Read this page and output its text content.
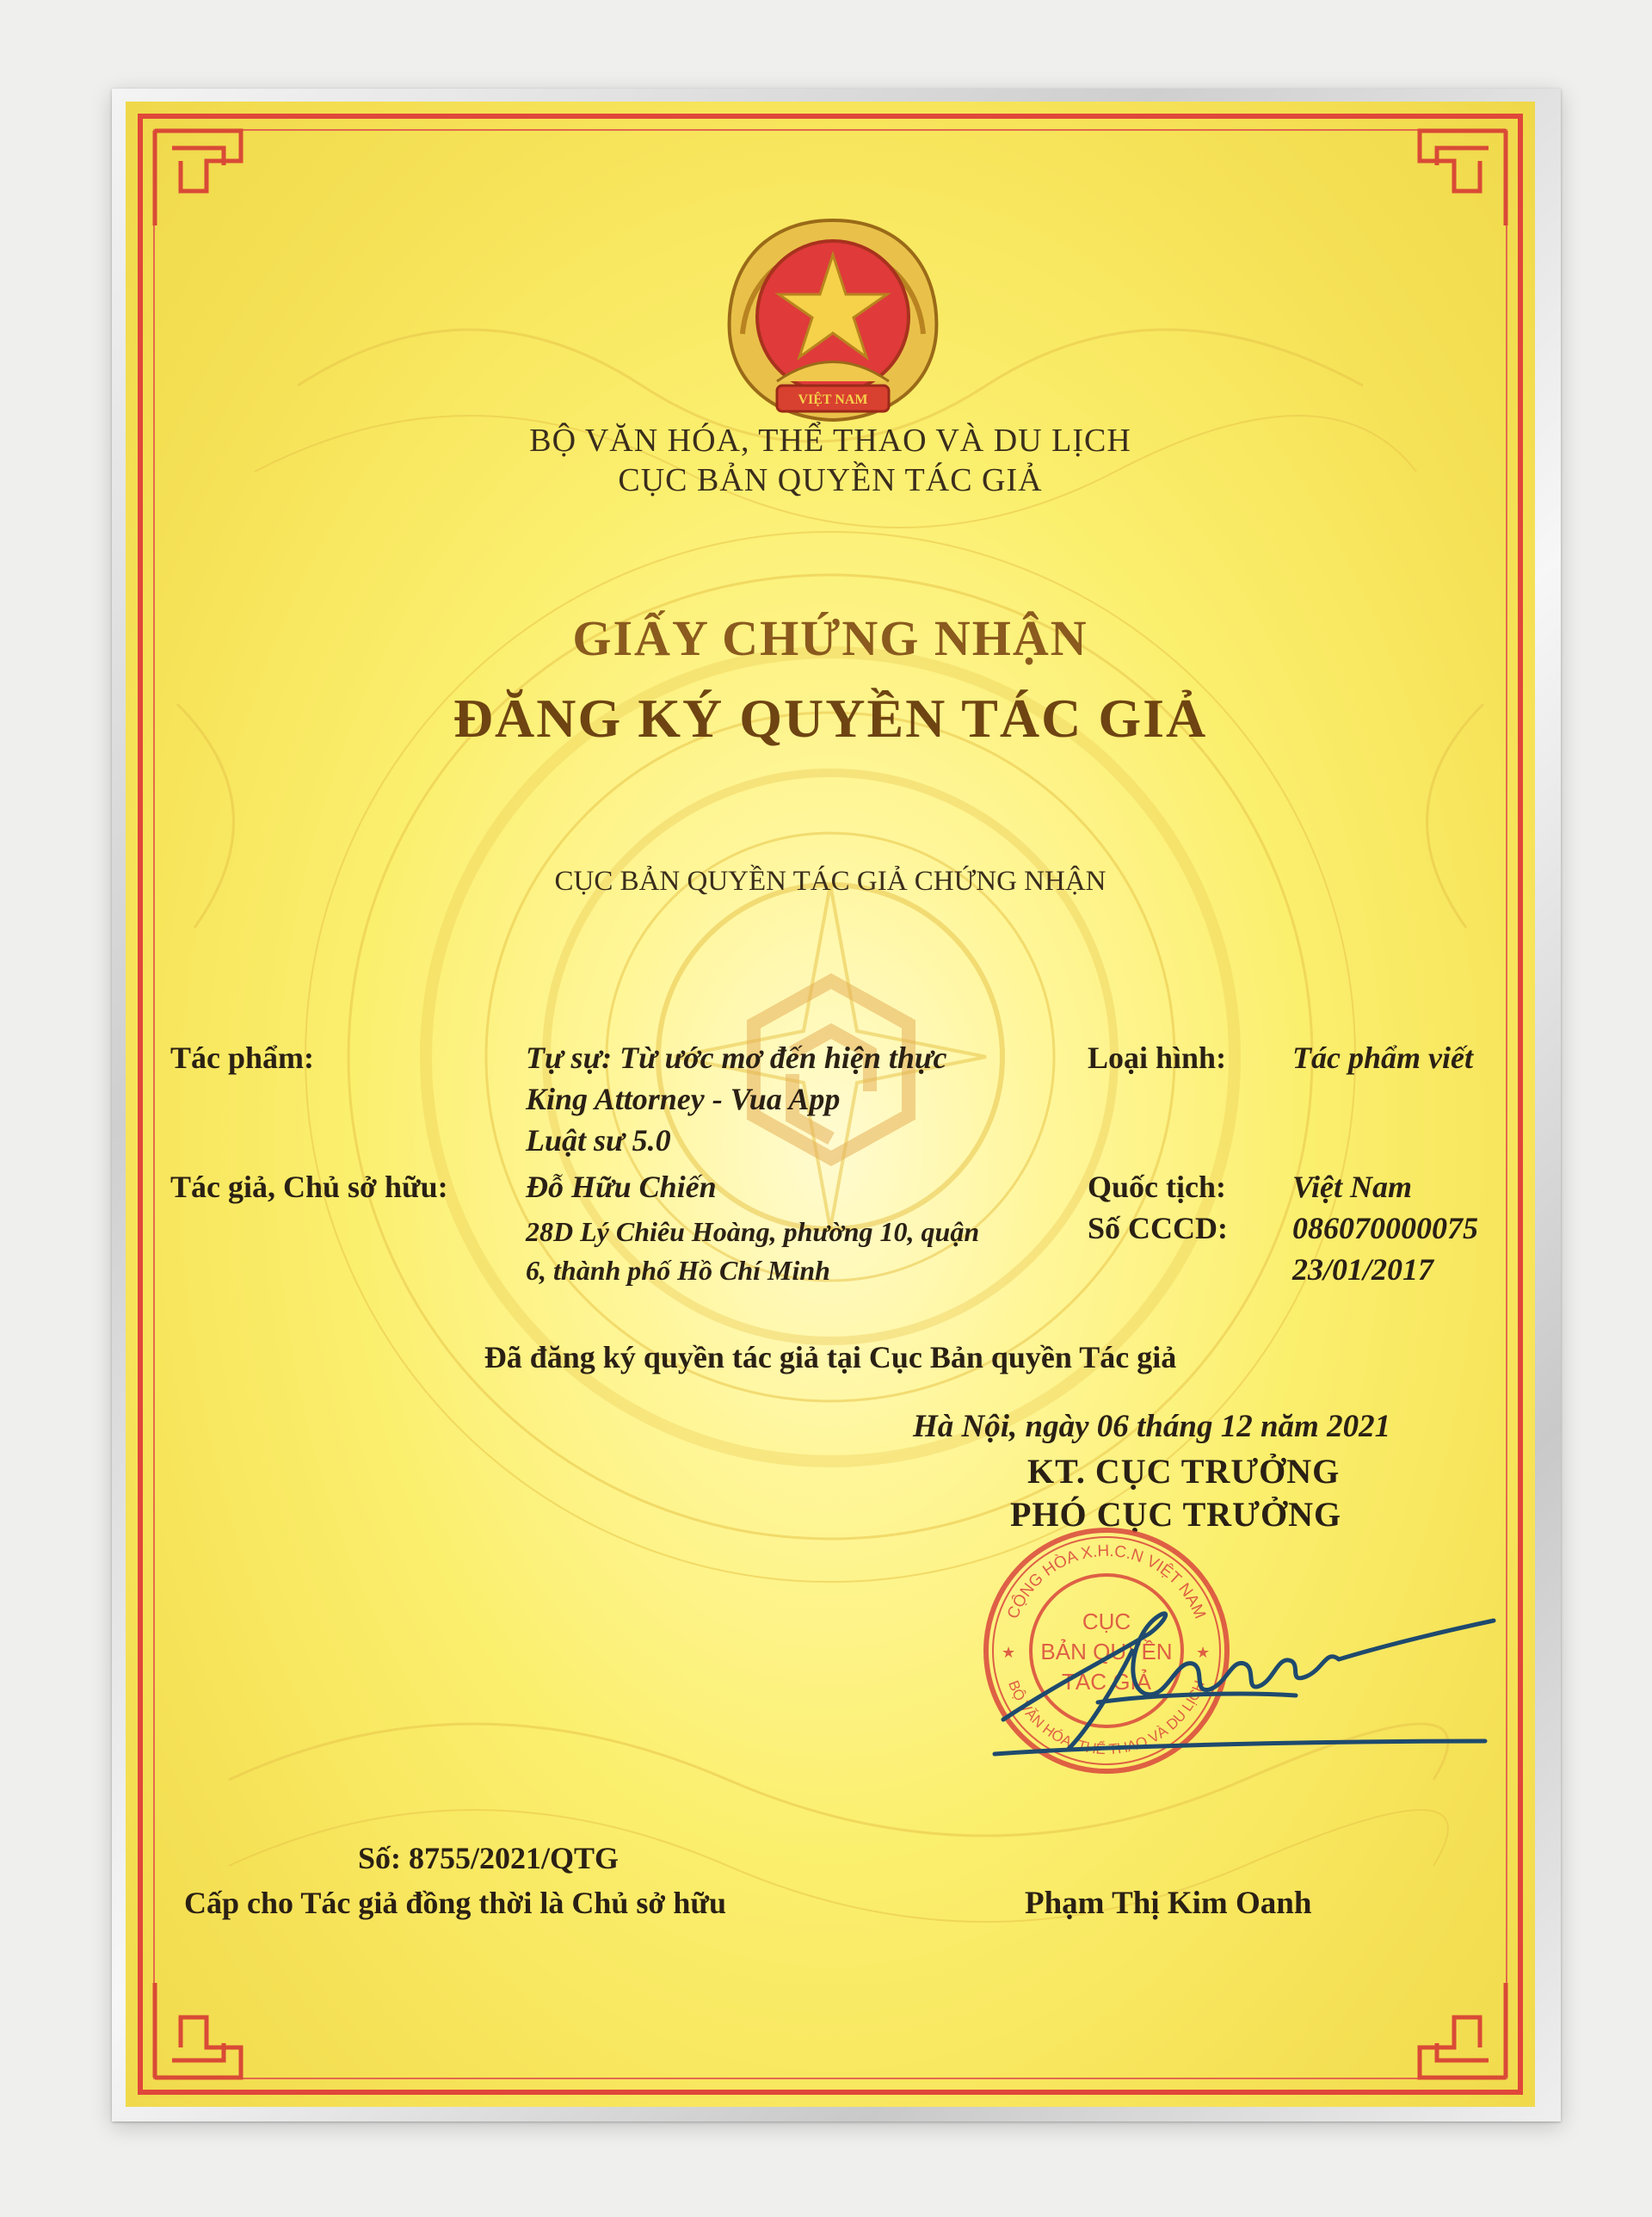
VIỆT NAM
BỘ VĂN HÓA, THỂ THAO VÀ DU LỊCH
CỤC BẢN QUYỀN TÁC GIẢ
GIẤY CHỨNG NHẬN
ĐĂNG KÝ QUYỀN TÁC GIẢ
CỤC BẢN QUYỀN TÁC GIẢ CHỨNG NHẬN
Tác phẩm:	Tự sự: Từ ước mơ đến hiện thực
King Attorney - Vua App
Luật sư 5.0
Loại hình: Tác phẩm viết
Tác giả, Chủ sở hữu:	Đỗ Hữu Chiến
28D Lý Chiêu Hoàng, phường 10, quận
6, thành phố Hồ Chí Minh
Quốc tịch: Việt Nam
Số CCCD: 086070000075
23/01/2017
Đã đăng ký quyền tác giả tại Cục Bản quyền Tác giả
Hà Nội, ngày 06 tháng 12 năm 2021
KT. CỤC TRƯỞNG
PHÓ CỤC TRƯỞNG
CỘNG HÒA X.H.C.N VIỆT NAM
BỘ VĂN HÓA, THỂ THAO VÀ DU LỊCH
CỤC
BẢN QUYỀN
TÁC GIẢ
★	★
Số: 8755/2021/QTG
Cấp cho Tác giả đồng thời là Chủ sở hữu	Phạm Thị Kim Oanh
